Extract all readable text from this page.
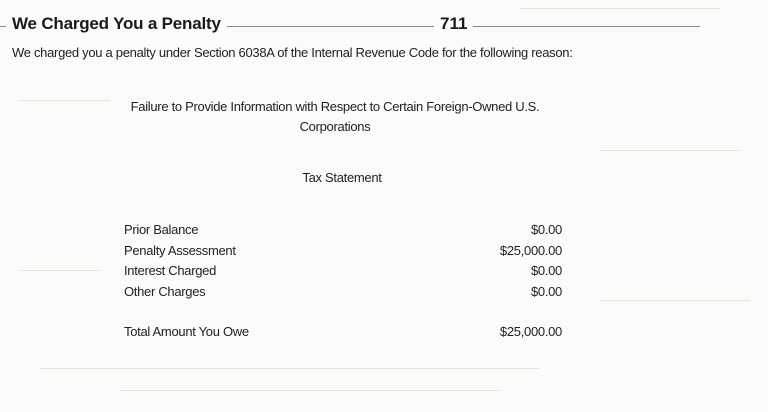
We Charged You a Penalty	711
We charged you a penalty under Section 6038A of the Internal Revenue Code for the following reason:
Failure to Provide Information with Respect to Certain Foreign-Owned U.S.
Corporations
Tax Statement
Prior Balance	$0.00
Penalty Assessment	$25,000.00
Interest Charged	$0.00
Other Charges	$0.00
Total Amount You Owe	$25,000.00
